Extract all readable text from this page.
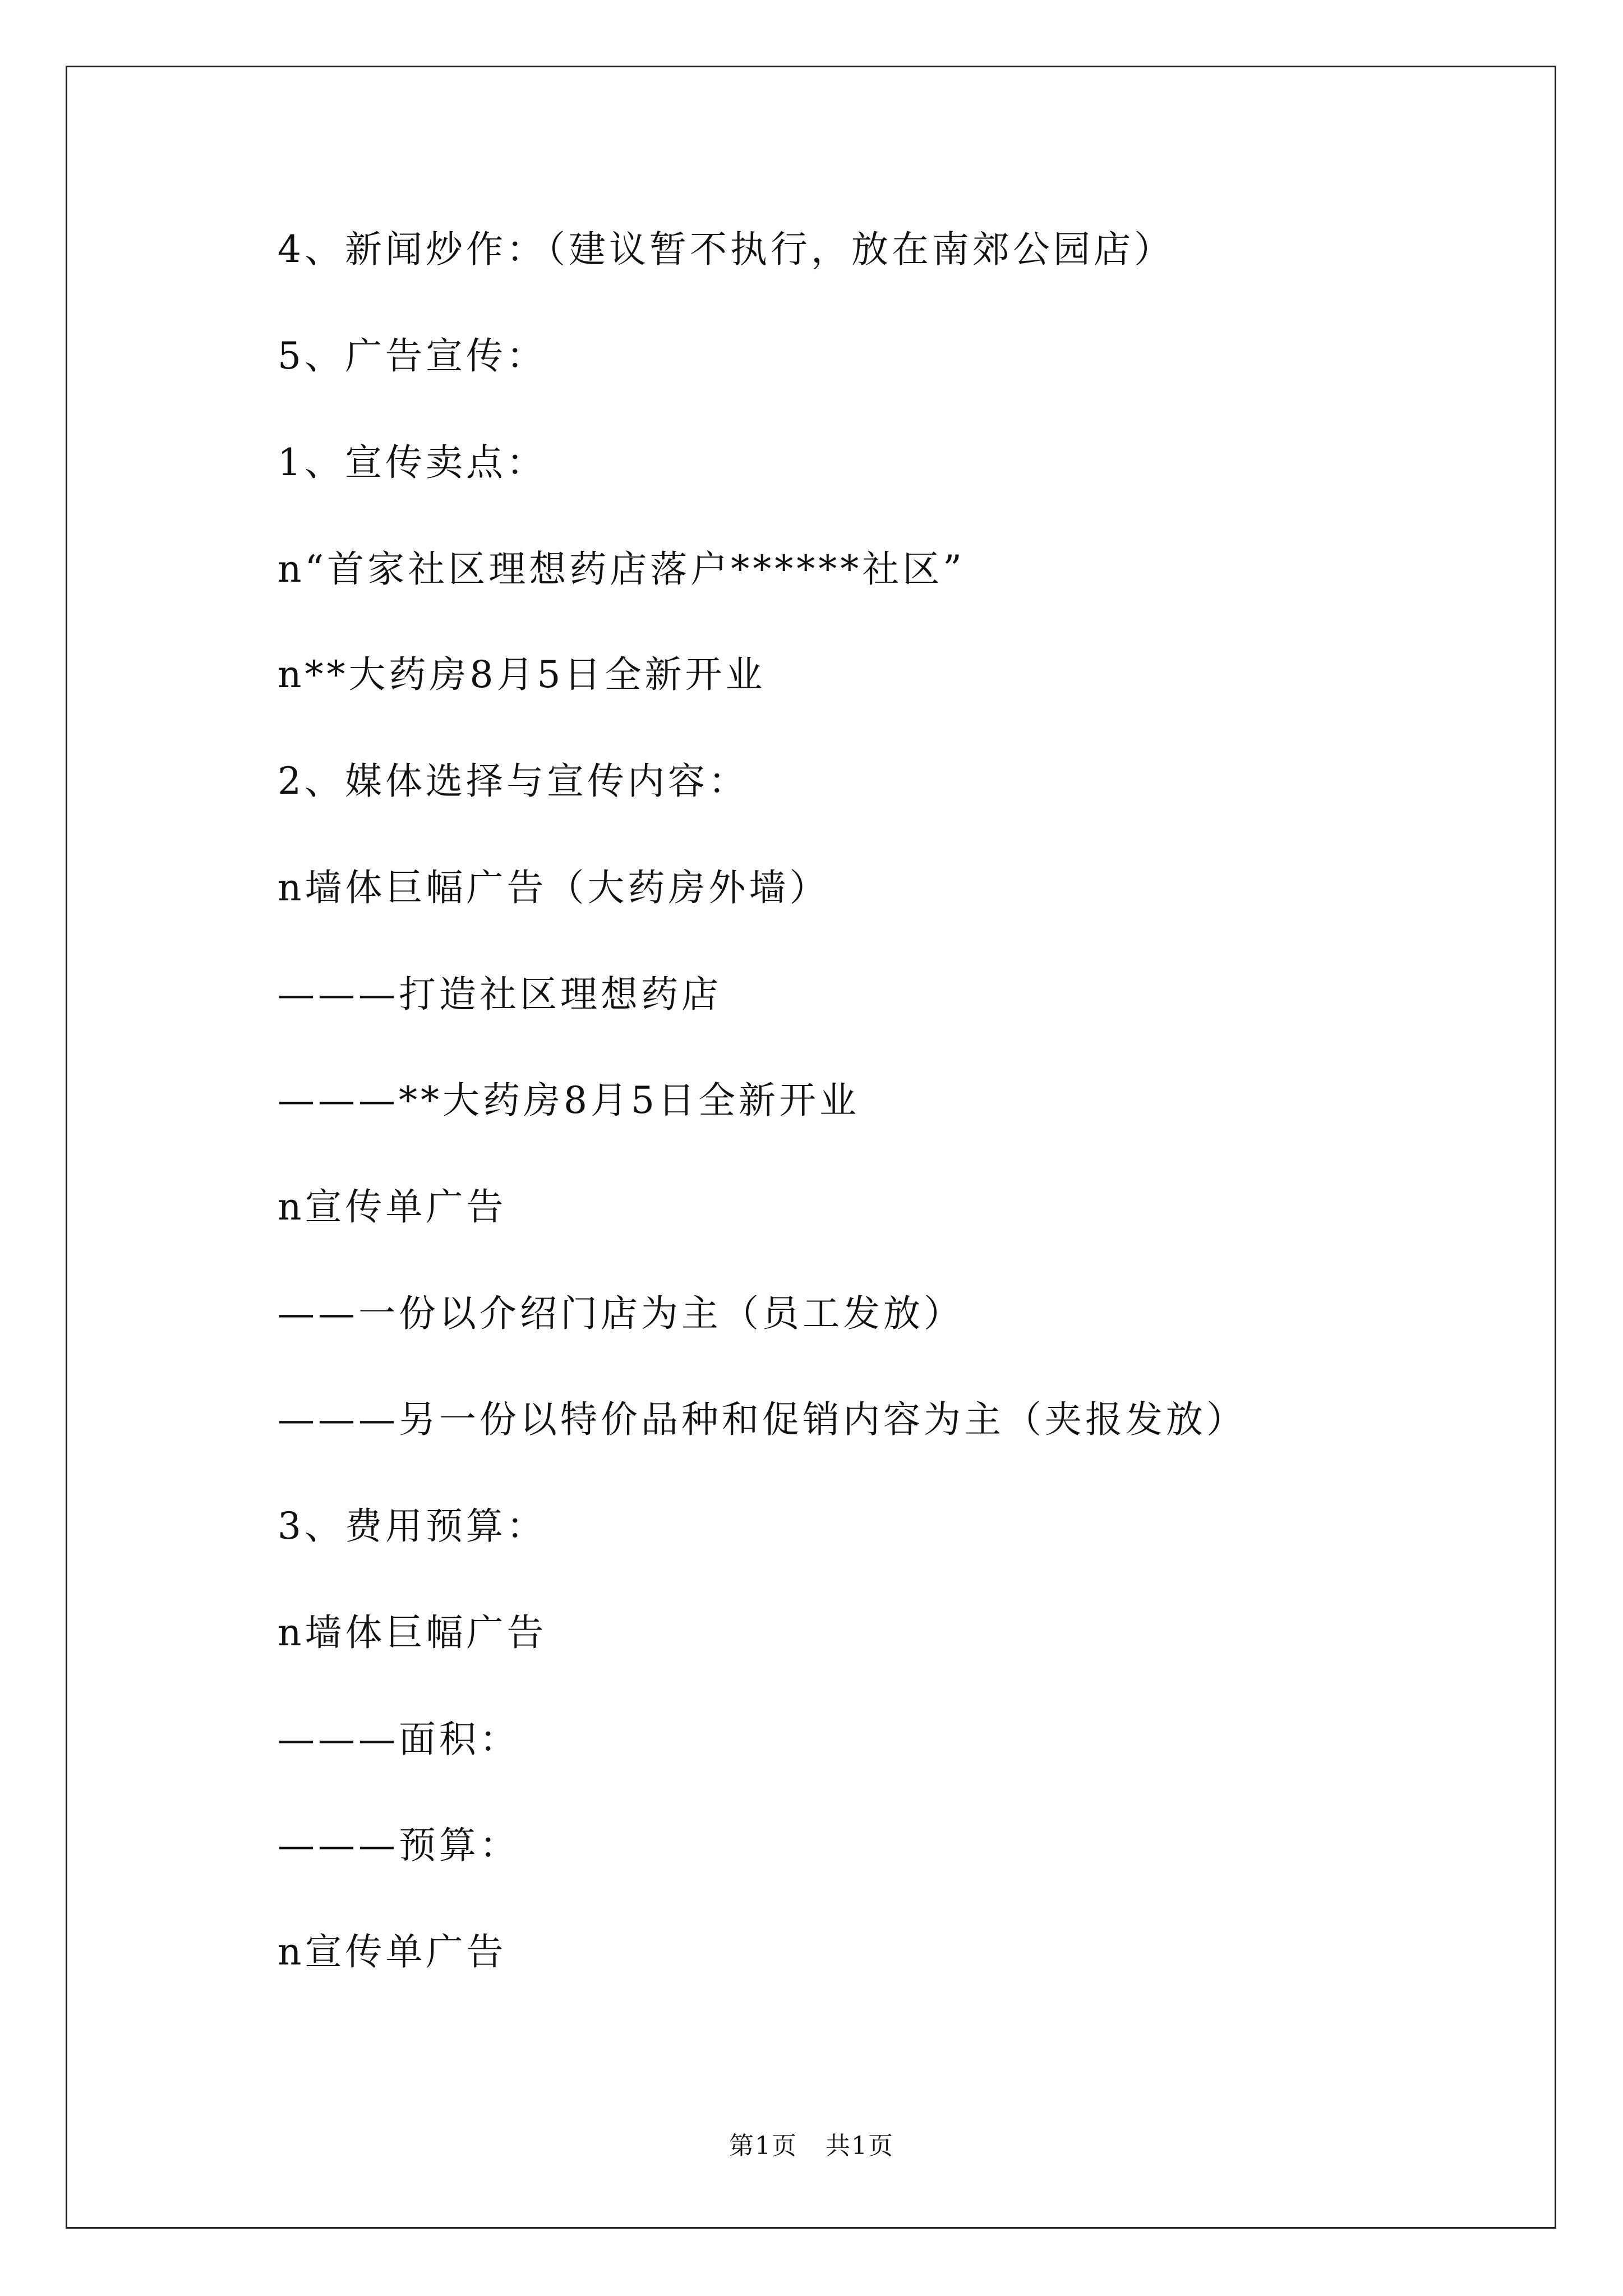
4、新闻炒作：（建议暂不执行，放在南郊公园店）
5、广告宣传：
1、宣传卖点：
n“首家社区理想药店落户******社区”
n**大药房8月5日全新开业
2、媒体选择与宣传内容：
n墙体巨幅广告（大药房外墙）
———打造社区理想药店
———**大药房8月5日全新开业
n宣传单广告
——一份以介绍门店为主（员工发放）
———另一份以特价品种和促销内容为主（夹报发放）
3、费用预算：
n墙体巨幅广告
———面积：
———预算：
n宣传单广告
第1页 共1页
